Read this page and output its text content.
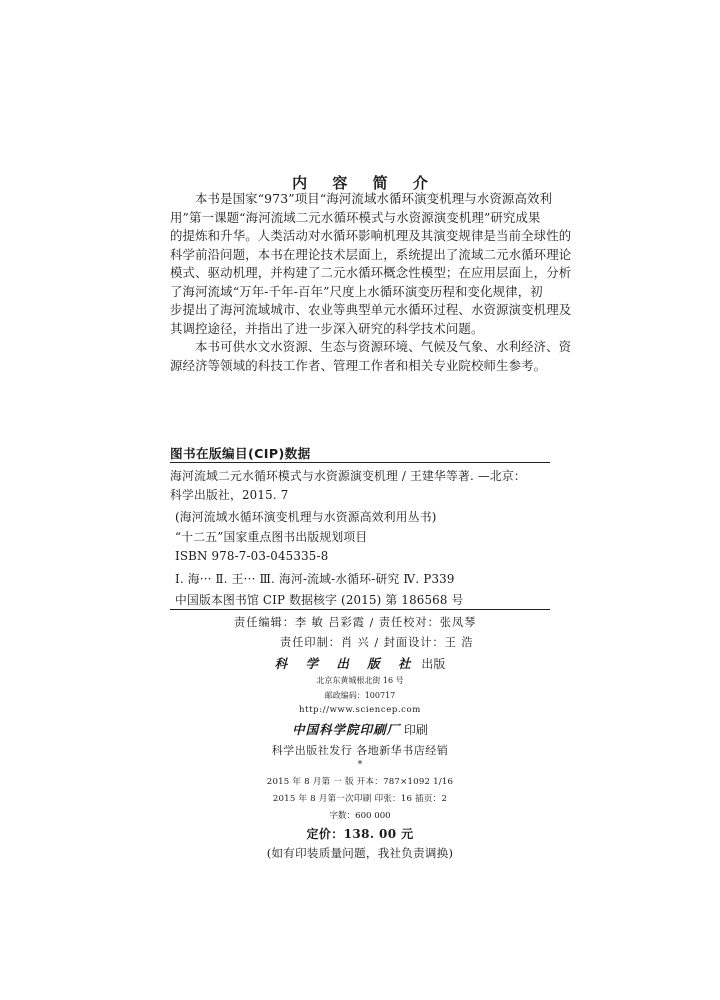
内 容 简 介
本书是国家“973”项目“海河流域水循环演变机理与水资源高效利
用”第一课题“海河流域二元水循环模式与水资源演变机理”研究成果
的提炼和升华。人类活动对水循环影响机理及其演变规律是当前全球性的
科学前沿问题，本书在理论技术层面上，系统提出了流域二元水循环理论
模式、驱动机理，并构建了二元水循环概念性模型；在应用层面上，分析
了海河流域“万年-千年-百年”尺度上水循环演变历程和变化规律，初
步提出了海河流域城市、农业等典型单元水循环过程、水资源演变机理及
其调控途径，并指出了进一步深入研究的科学技术问题。
本书可供水文水资源、生态与资源环境、气候及气象、水利经济、资
源经济等领域的科技工作者、管理工作者和相关专业院校师生参考。
图书在版编目(CIP)数据
海河流域二元水循环模式与水资源演变机理 / 王建华等著. —北京：
科学出版社，2015. 7
(海河流域水循环演变机理与水资源高效利用丛书)
“十二五”国家重点图书出版规划项目
ISBN 978-7-03-045335-8
Ⅰ. 海··· Ⅱ. 王··· Ⅲ. 海河-流域-水循环-研究 Ⅳ. P339
中国版本图书馆 CIP 数据核字 (2015) 第 186568 号
责任编辑：李 敏 吕彩霞 / 责任校对：张凤琴
责任印制：肖 兴 / 封面设计：王 浩
科 学 出 版 社 出版
北京东黄城根北街 16 号
邮政编码：100717
http://www.sciencep.com
中国科学院印刷厂 印刷
科学出版社发行 各地新华书店经销
*
2015 年 8 月第 一 版 开本：787×1092 1/16
2015 年 8 月第一次印刷 印张：16 插页：2
字数：600 000
定价：138. 00 元
(如有印装质量问题，我社负责调换)
